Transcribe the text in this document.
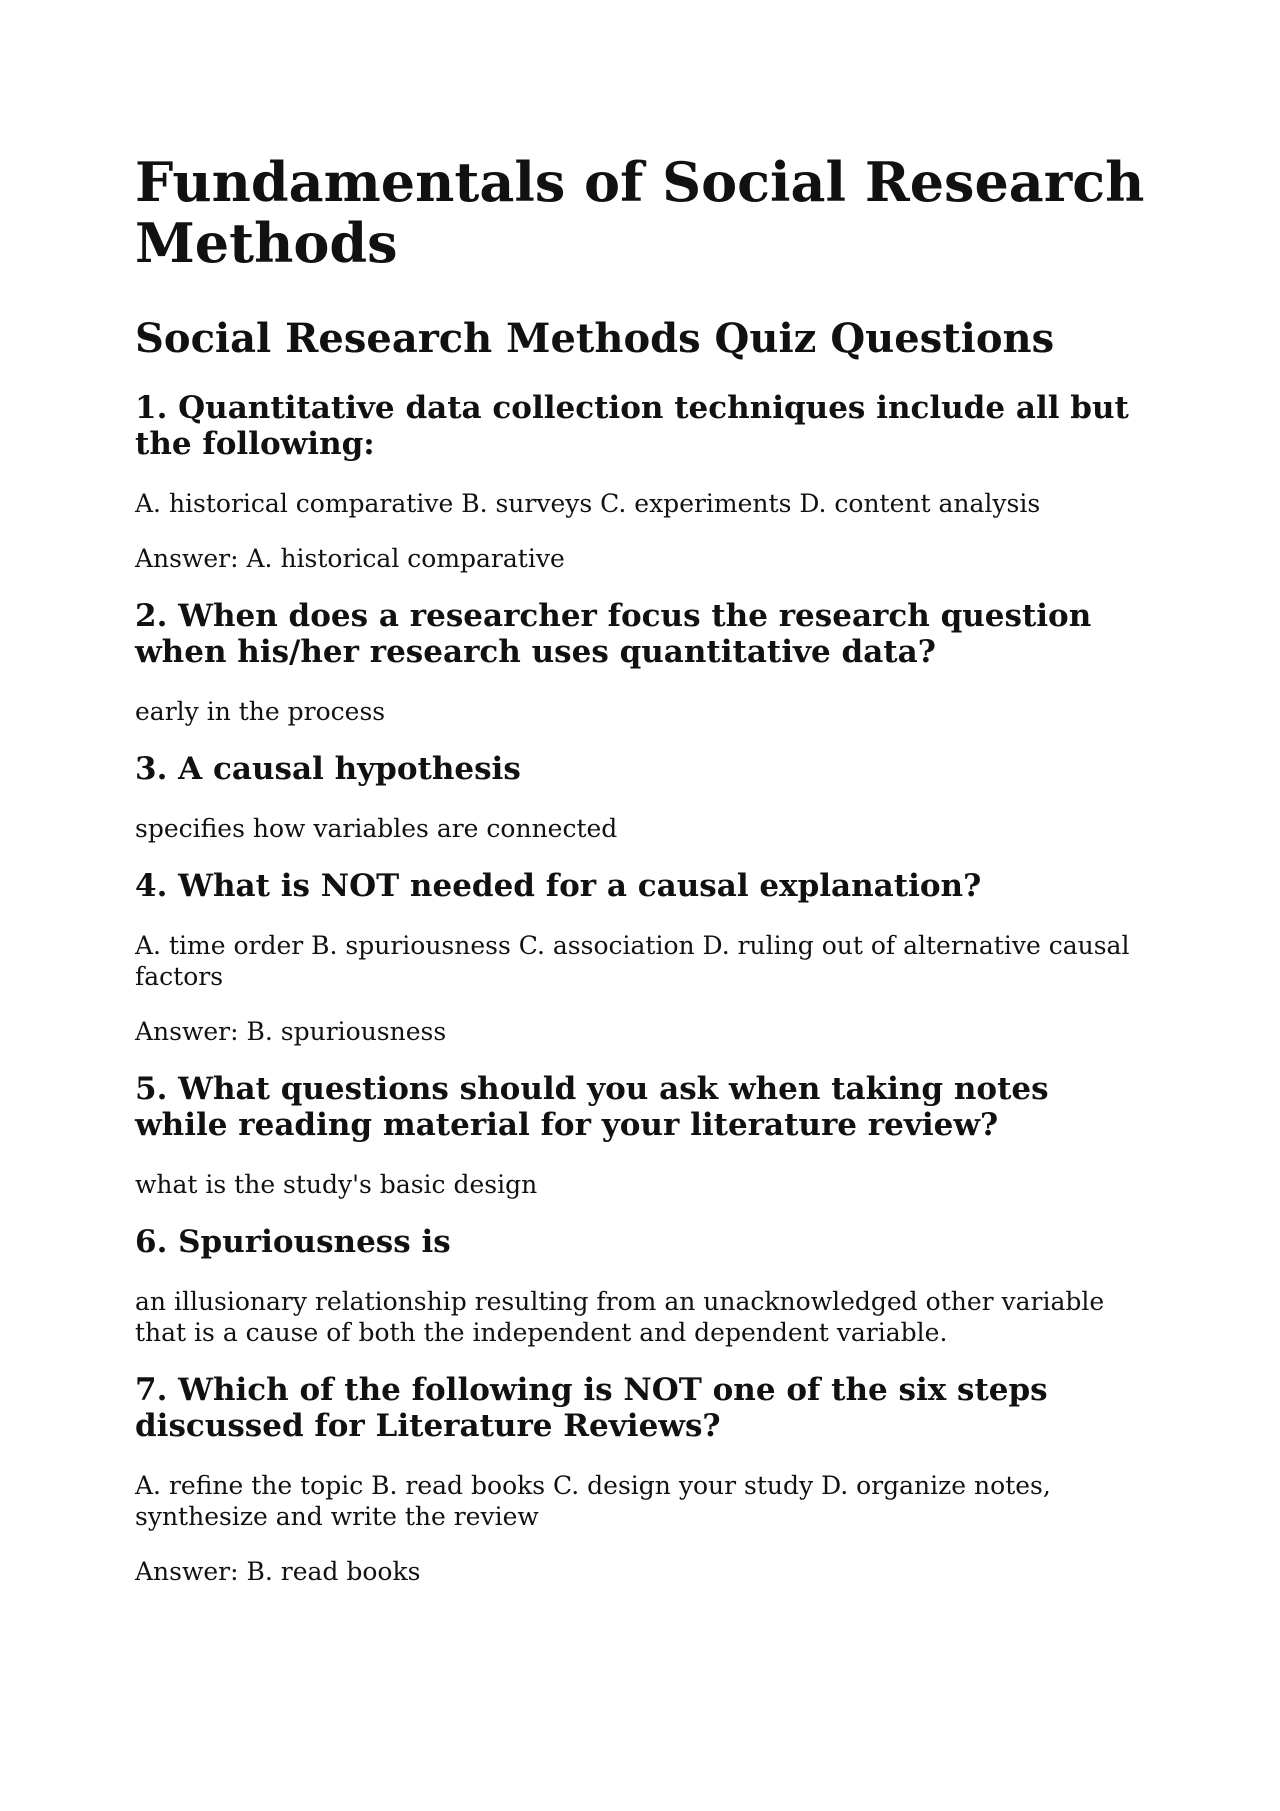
Fundamentals of Social Research Methods
Social Research Methods Quiz Questions
1. Quantitative data collection techniques include all but the following:

A. historical comparative B. surveys C. experiments D. content analysis

Answer: A. historical comparative

2. When does a researcher focus the research question when his/her research uses quantitative data?

early in the process

3. A causal hypothesis

specifies how variables are connected

4. What is NOT needed for a causal explanation?

A. time order B. spuriousness C. association D. ruling out of alternative causal factors

Answer: B. spuriousness

5. What questions should you ask when taking notes while reading material for your literature review?

what is the study's basic design

6. Spuriousness is

an illusionary relationship resulting from an unacknowledged other variable that is a cause of both the independent and dependent variable.

7. Which of the following is NOT one of the six steps discussed for Literature Reviews?

A. refine the topic B. read books C. design your study D. organize notes, synthesize and write the review

Answer: B. read books
